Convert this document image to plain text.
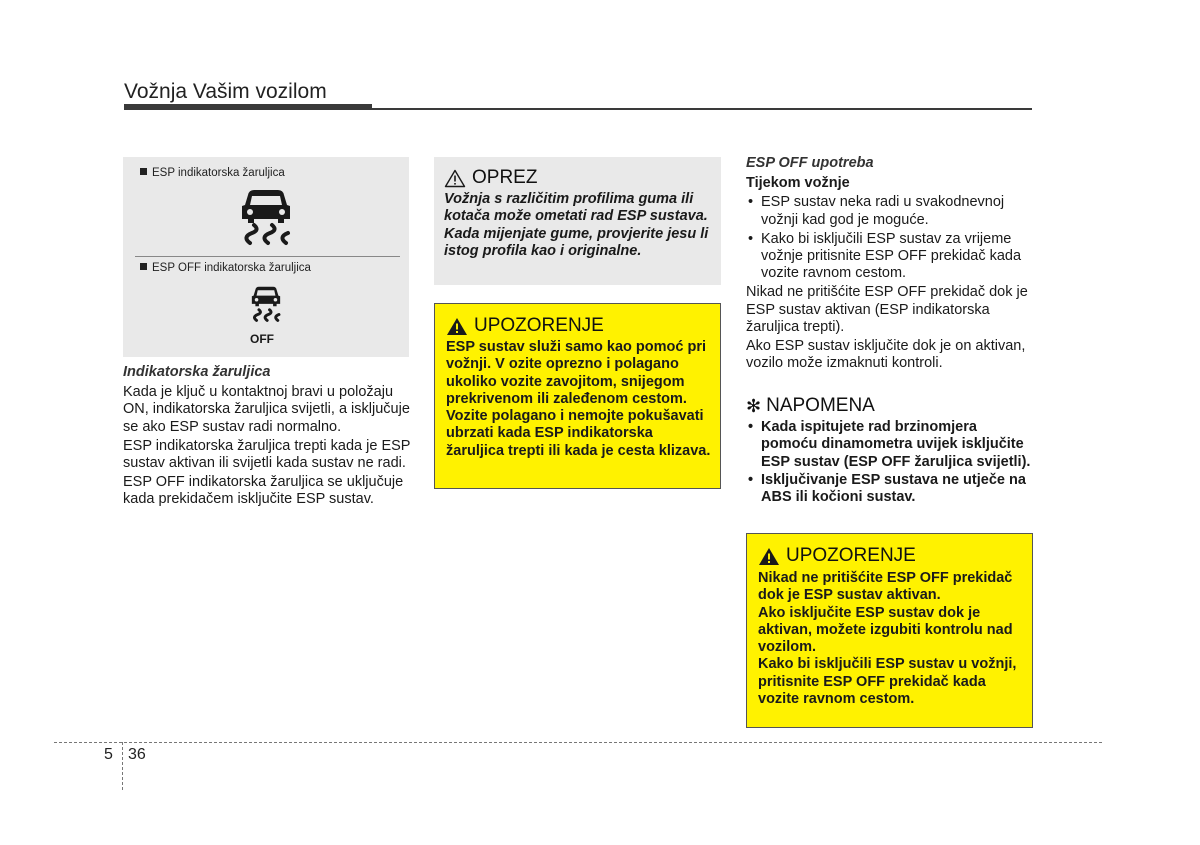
Vožnja Vašim vozilom
ESP indikatorska žaruljica
ESP OFF indikatorska žaruljica
OFF
Indikatorska žaruljica

Kada je ključ u kontaktnoj bravi u položaju ON, indikatorska žaruljica svijetli, a isključuje se ako ESP sustav radi normalno.

ESP indikatorska žaruljica trepti kada je ESP sustav aktivan ili svijetli kada sustav ne radi.

ESP OFF indikatorska žaruljica se uključuje kada prekidačem isključite ESP sustav.

OPREZ

Vožnja s različitim profilima guma ili kotača može ometati rad ESP sustava. Kada mijenjate gume, provjerite jesu li istog profila kao i originalne.

UPOZORENJE

ESP sustav služi samo kao pomoć pri vožnji. V ozite oprezno i polagano ukoliko vozite zavojitom, snijegom prekrivenom ili zaleđenom cestom. Vozite polagano i nemojte pokušavati ubrzati kada ESP indikatorska žaruljica trepti ili kada je cesta klizava.

ESP OFF upotreba
Tijekom vožnje
• ESP sustav neka radi u svakodnevnoj vožnji kad god je moguće.
• Kako bi isključili ESP sustav za vrijeme vožnje pritisnite ESP OFF prekidač kada vozite ravnom cestom.

Nikad ne pritišćite ESP OFF prekidač dok je ESP sustav aktivan (ESP indikatorska žaruljica trepti).

Ako ESP sustav isključite dok je on aktivan, vozilo može izmaknuti kontroli.

✻ NAPOMENA
• Kada ispitujete rad brzinomjera pomoću dinamometra uvijek isključite ESP sustav (ESP OFF žaruljica svijetli).
• Isključivanje ESP sustava ne utječe na ABS ili kočioni sustav.
UPOZORENJE

Nikad ne pritišćite ESP OFF prekidač dok je ESP sustav aktivan.

Ako isključite ESP sustav dok je aktivan, možete izgubiti kontrolu nad vozilom.

Kako bi isključili ESP sustav u vožnji, pritisnite ESP OFF prekidač kada vozite ravnom cestom.

5 36
